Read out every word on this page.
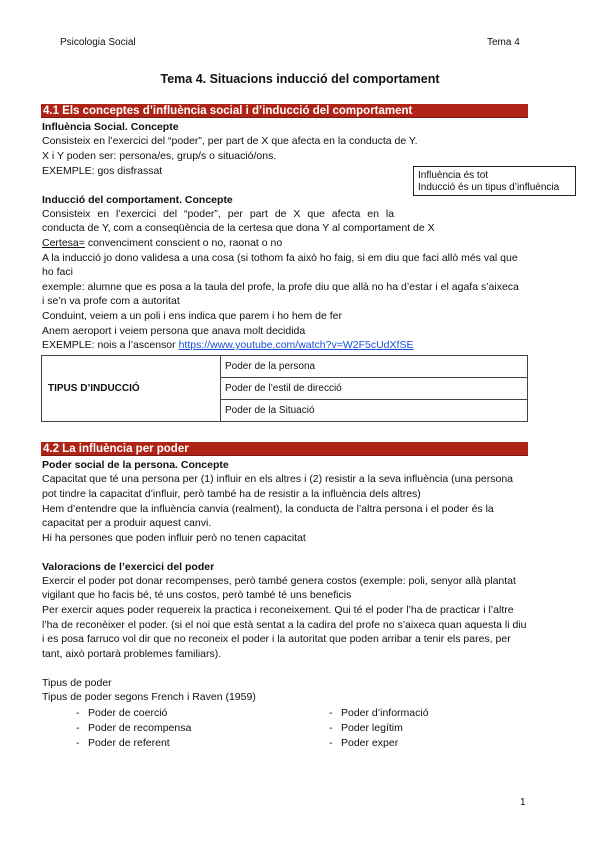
Psicologia Social	Tema 4
Tema 4. Situacions inducció del comportament
4.1 Els conceptes d’influència social i d’inducció del comportament
Influència Social. Concepte
Consisteix en l’exercici del “poder”, per part de X que afecta en la conducta de Y.
X i Y poden ser: persona/es, grup/s o situació/ons.
EXEMPLE: gos disfrassat	Influència és tot
Inducció és un tipus d’influència
Inducció del comportament. Concepte
Consisteix en l’exercici del “poder”, per part de X que afecta en la
conducta de Y, com a conseqüència de la certesa que dona Y al comportament de X
Certesa= convenciment conscient o no, raonat o no
A la inducció jo dono validesa a una cosa (si tothom fa això ho faig, si em diu que faci allò més val que
ho faci
exemple: alumne que es posa a la taula del profe, la profe diu que allà no ha d’estar i el agafa s’aixeca
i se’n va profe com a autoritat
Conduint, veiem a un poli i ens indica que parem i ho hem de fer
Anem aeroport i veiem persona que anava molt decidida
EXEMPLE: nois a l’ascensor https://www.youtube.com/watch?v=W2F5cUdXfSE
TIPUS D’INDUCCIÓ	Poder de la persona
Poder de l’estil de direcció
Poder de la Situació
4.2 La influència per poder
Poder social de la persona. Concepte
Capacitat que té una persona per (1) influir en els altres i (2) resistir a la seva influència (una persona
pot tindre la capacitat d’influir, però també ha de resistir a la influència dels altres)
Hem d’entendre que la influència canvia (realment), la conducta de l’altra persona i el poder és la
capacitat per a produir aquest canvi.
Hi ha persones que poden influir però no tenen capacitat
Valoracions de l’exercici del poder
Exercir el poder pot donar recompenses, però també genera costos (exemple: poli, senyor allà plantat
vigilant que ho facis bé, té uns costos, però també té uns beneficis
Per exercir aques poder requereix la practica i reconeixement. Qui té el poder l’ha de practicar i l’altre
l’ha de reconèixer el poder. (si el noi que està sentat a la cadira del profe no s’aixeca quan aquesta li diu
i es posa farruco vol dir que no reconeix el poder i la autoritat que poden arribar a tenir els pares, per
tant, això portarà problemes familiars).
Tipus de poder
Tipus de poder segons French i Raven (1959)
- Poder de coerció
- Poder de recompensa
- Poder de referent
- Poder d’informació
- Poder legítim
- Poder exper
1
